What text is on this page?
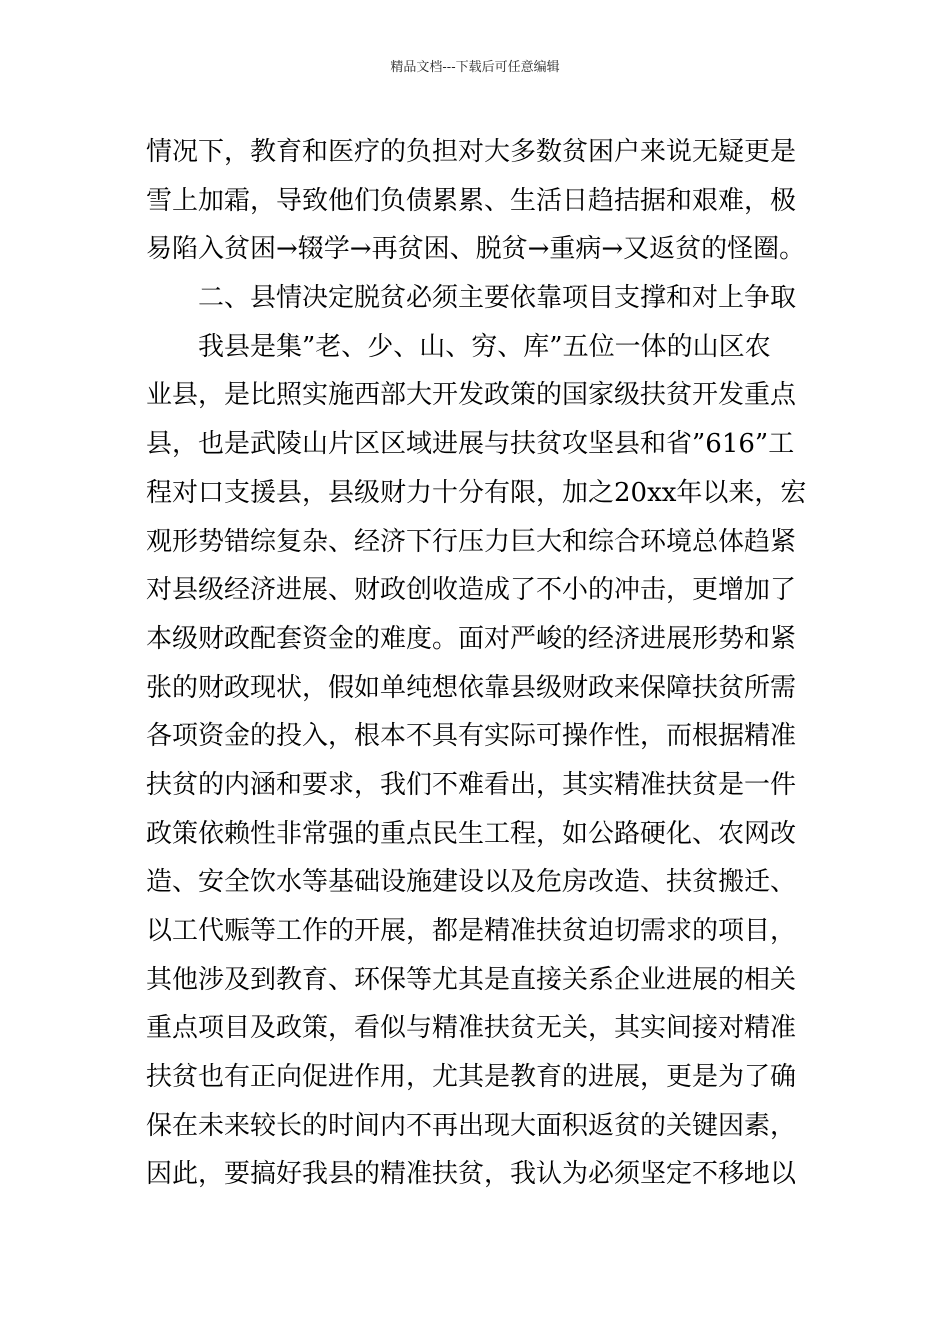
精品文档---下载后可任意编辑
情况下，教育和医疗的负担对大多数贫困户来说无疑更是
雪上加霜，导致他们负债累累、生活日趋拮据和艰难，极
易陷入贫困→辍学→再贫困、脱贫→重病→又返贫的怪圈。
二、县情决定脱贫必须主要依靠项目支撑和对上争取
我县是集”老、少、山、穷、库”五位一体的山区农
业县，是比照实施西部大开发政策的国家级扶贫开发重点
县，也是武陵山片区区域进展与扶贫攻坚县和省”616”工
程对口支援县，县级财力十分有限，加之20xx年以来，宏
观形势错综复杂、经济下行压力巨大和综合环境总体趋紧
对县级经济进展、财政创收造成了不小的冲击，更增加了
本级财政配套资金的难度。面对严峻的经济进展形势和紧
张的财政现状，假如单纯想依靠县级财政来保障扶贫所需
各项资金的投入，根本不具有实际可操作性，而根据精准
扶贫的内涵和要求，我们不难看出，其实精准扶贫是一件
政策依赖性非常强的重点民生工程，如公路硬化、农网改
造、安全饮水等基础设施建设以及危房改造、扶贫搬迁、
以工代赈等工作的开展，都是精准扶贫迫切需求的项目，
其他涉及到教育、环保等尤其是直接关系企业进展的相关
重点项目及政策，看似与精准扶贫无关，其实间接对精准
扶贫也有正向促进作用，尤其是教育的进展，更是为了确
保在未来较长的时间内不再出现大面积返贫的关键因素，
因此，要搞好我县的精准扶贫，我认为必须坚定不移地以
